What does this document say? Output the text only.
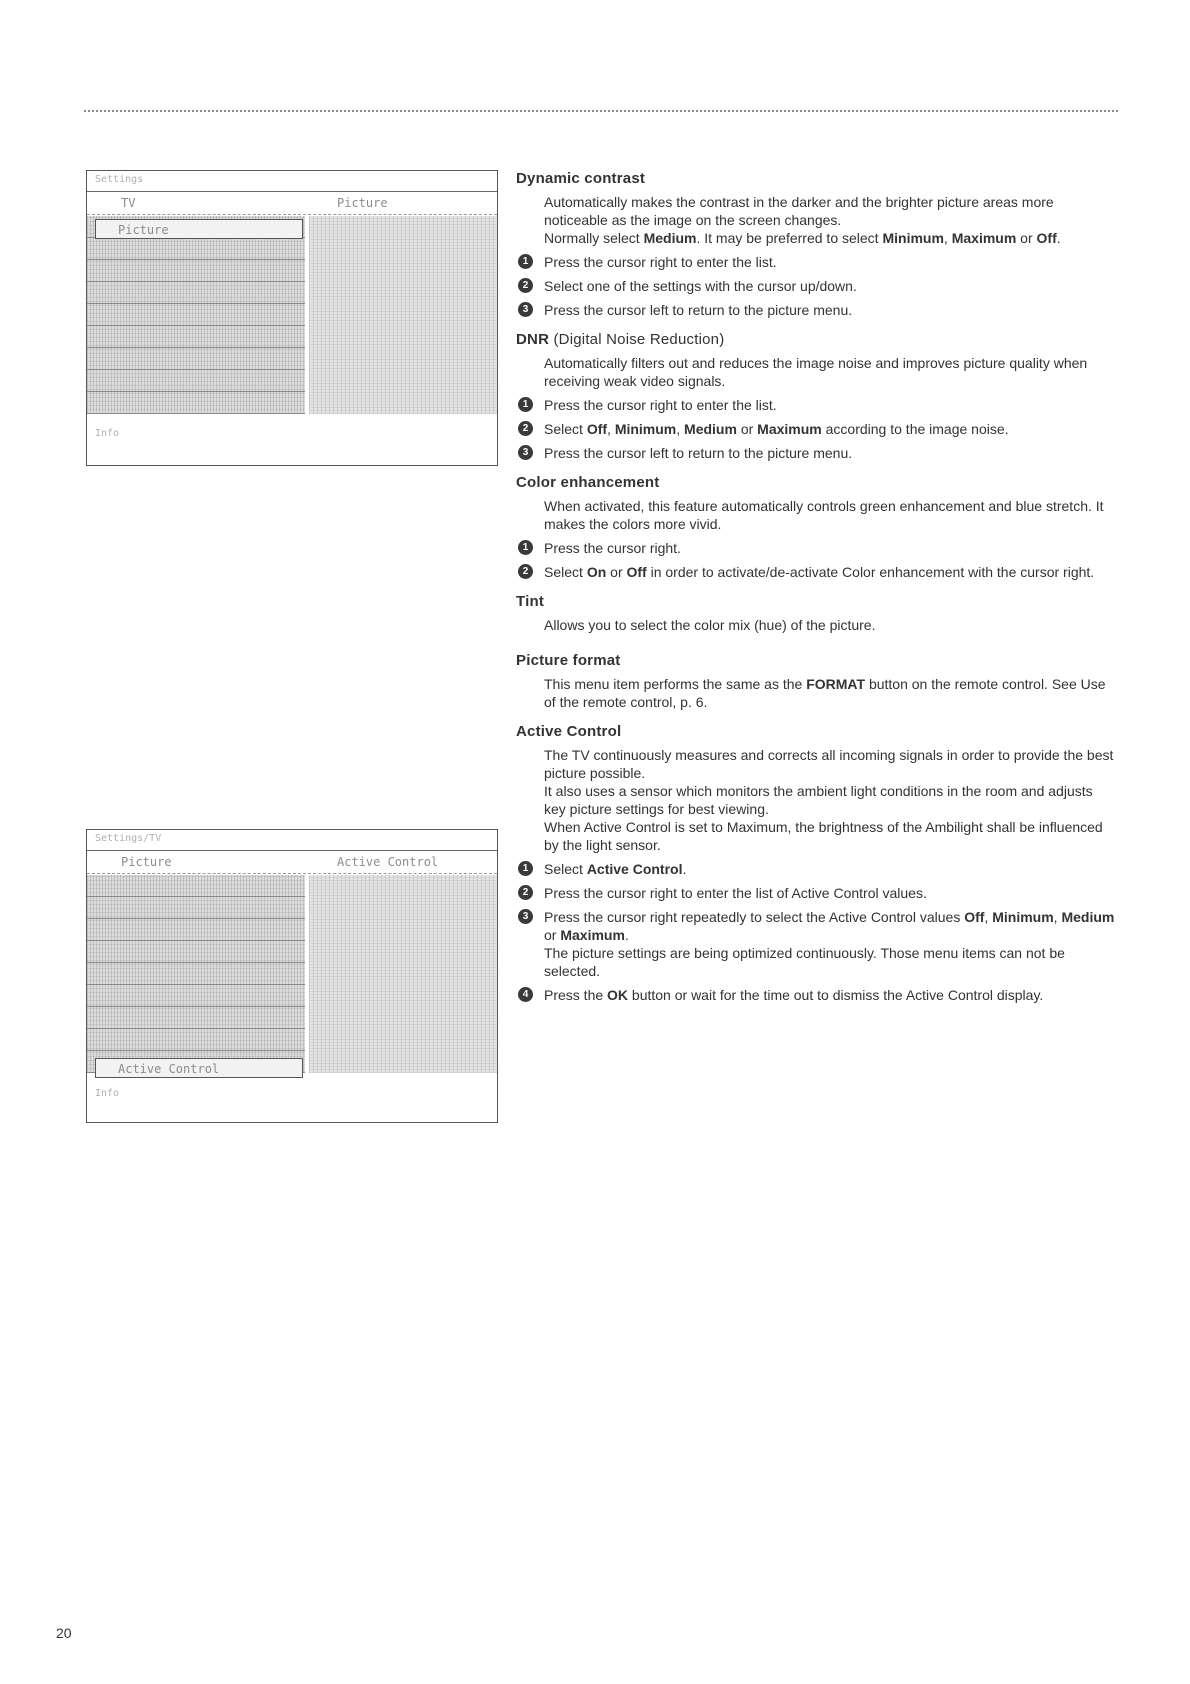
Settings
TV	Picture
Picture
Info
Settings/TV
Picture	Active Control
Active Control
Info
Dynamic contrast

Automatically makes the contrast in the darker and the brighter picture areas more noticeable as the image on the screen changes.

Normally select Medium. It may be preferred to select Minimum, Maximum or Off.

1	Press the cursor right to enter the list.
2	Select one of the settings with the cursor up/down.
3	Press the cursor left to return to the picture menu.
DNR (Digital Noise Reduction)

Automatically filters out and reduces the image noise and improves picture quality when receiving weak video signals.

1	Press the cursor right to enter the list.
2	Select Off, Minimum, Medium or Maximum according to the image noise.
3	Press the cursor left to return to the picture menu.
Color enhancement

When activated, this feature automatically controls green enhancement and blue stretch. It makes the colors more vivid.

1	Press the cursor right.
2	Select On or Off in order to activate/de-activate Color enhancement with the cursor right.
Tint

Allows you to select the color mix (hue) of the picture.

Picture format

This menu item performs the same as the FORMAT button on the remote control. See Use of the remote control, p. 6.

Active Control

The TV continuously measures and corrects all incoming signals in order to provide the best picture possible.

It also uses a sensor which monitors the ambient light conditions in the room and adjusts key picture settings for best viewing.

When Active Control is set to Maximum, the brightness of the Ambilight shall be influenced by the light sensor.

1	Select Active Control.
2	Press the cursor right to enter the list of Active Control values.
3	Press the cursor right repeatedly to select the Active Control values Off, Minimum, Medium or Maximum.
The picture settings are being optimized continuously. Those menu items can not be selected.
4	Press the OK button or wait for the time out to dismiss the Active Control display.
20
